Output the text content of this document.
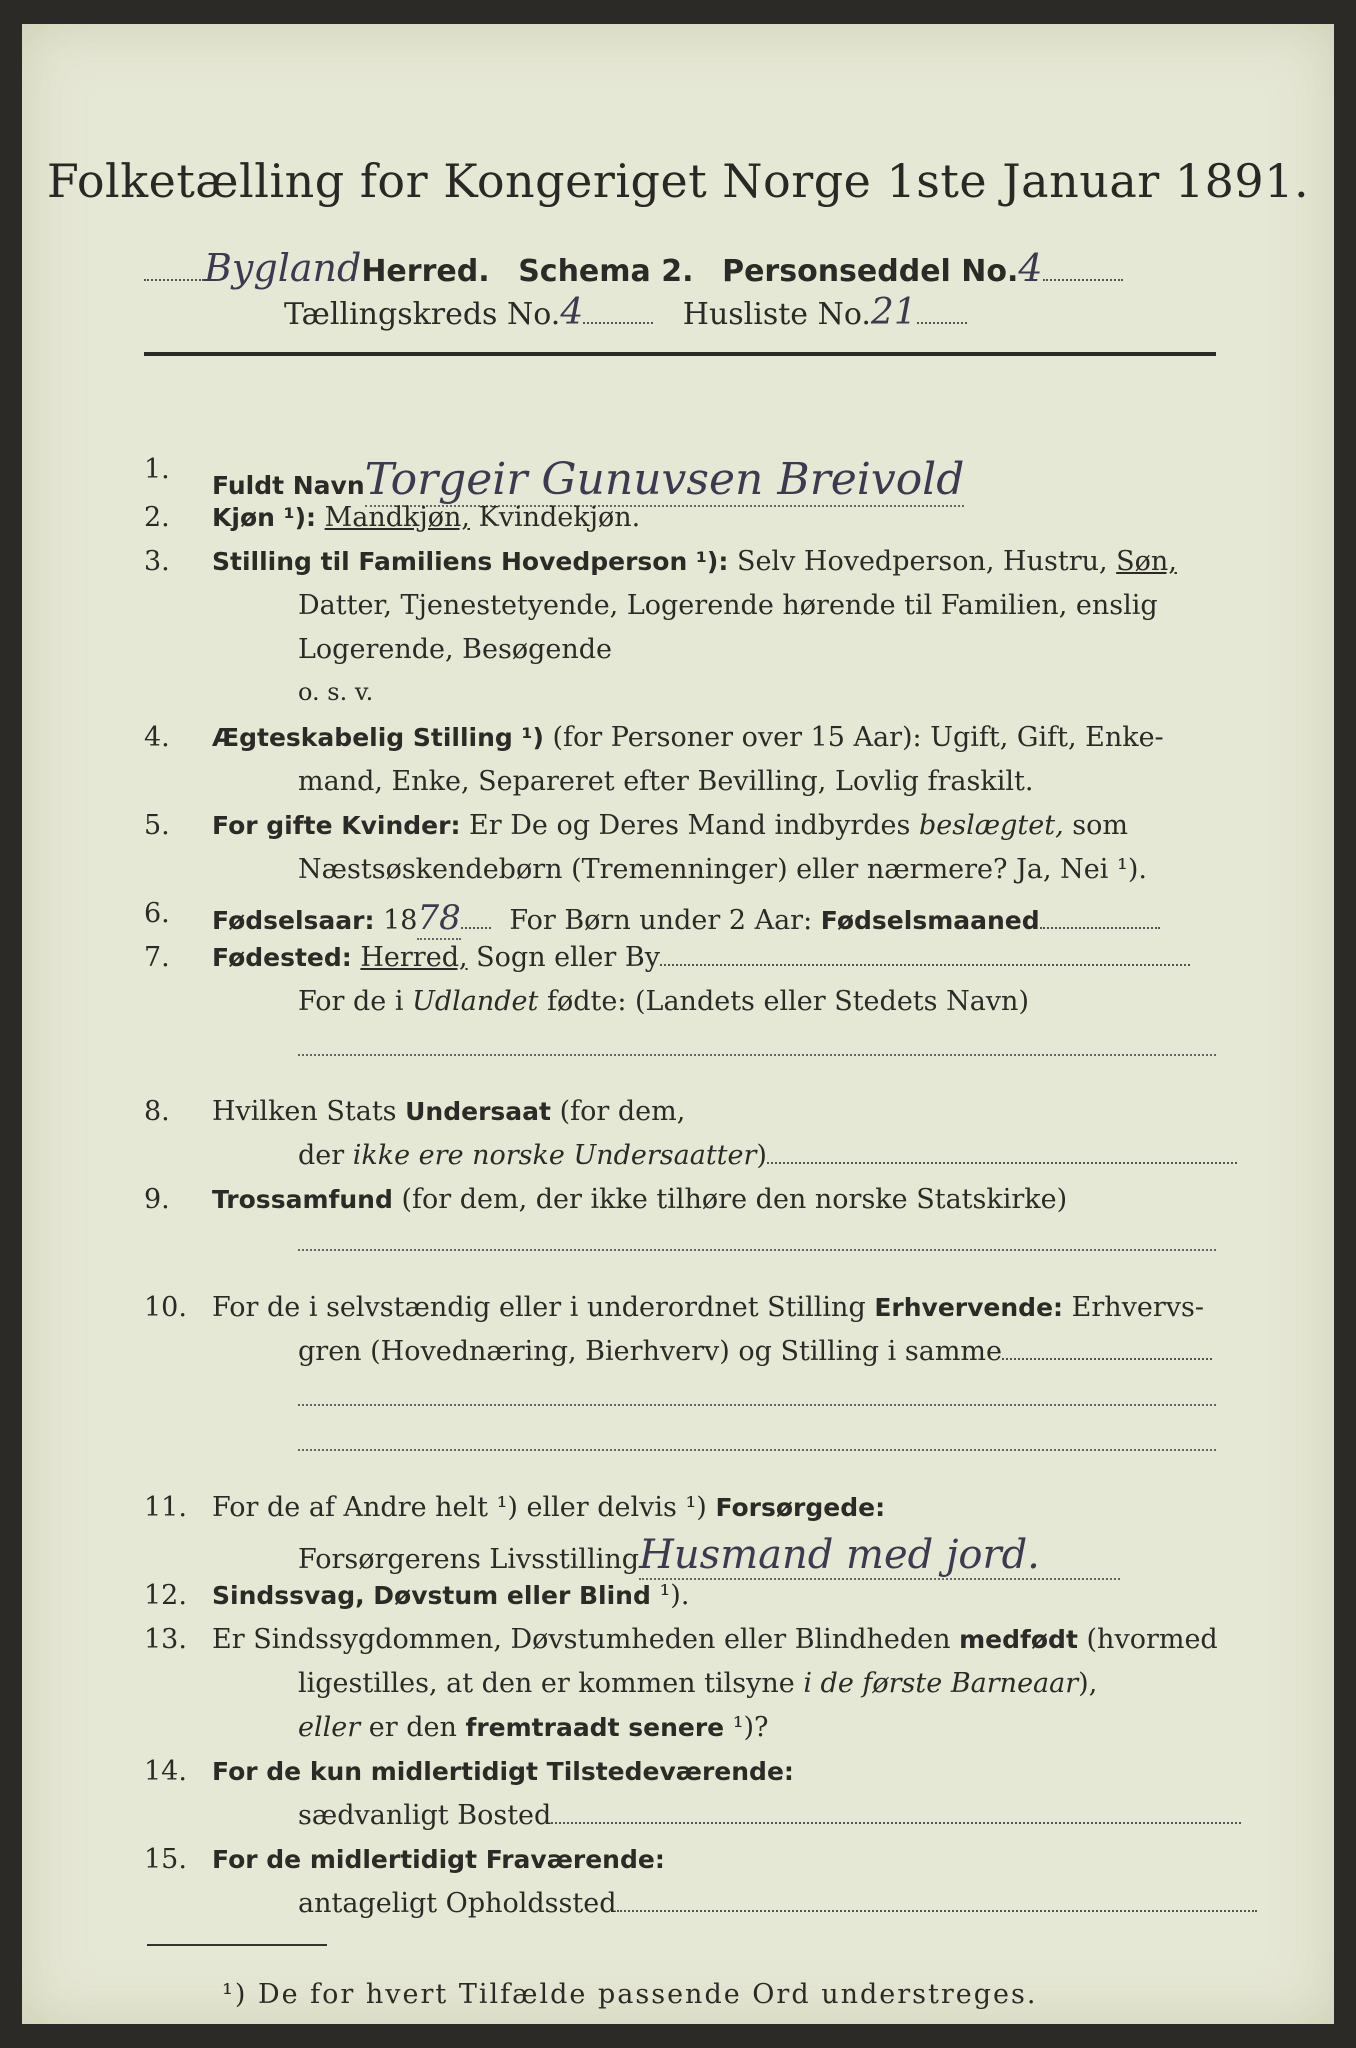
Folketælling for Kongeriget Norge 1ste Januar 1891.
ByglandHerred. Schema 2. Personseddel No.4
Tællingskreds No.4	Husliste No.21
1.
Fuldt NavnTorgeir Gunuvsen Breivold
2.	Kjøn ¹): Mandkjøn, Kvindekjøn.
3.	Stilling til Familiens Hovedperson ¹): Selv Hovedperson, Hustru, Søn,
Datter, Tjenestetyende, Logerende hørende til Familien, enslig
Logerende, Besøgende
o. s. v.
4.	Ægteskabelig Stilling ¹) (for Personer over 15 Aar): Ugift, Gift, Enke-
mand, Enke, Separeret efter Bevilling, Lovlig fraskilt.
5.	For gifte Kvinder: Er De og Deres Mand indbyrdes beslægtet, som
Næstsøskendebørn (Tremenninger) eller nærmere? Ja, Nei ¹).
6.	Fødselsaar: 1878 For Børn under 2 Aar: Fødselsmaaned
7.	Fødested: Herred, Sogn eller By
For de i Udlandet fødte: (Landets eller Stedets Navn)
8.	Hvilken Stats Undersaat (for dem,
der ikke ere norske Undersaatter)
9.	Trossamfund (for dem, der ikke tilhøre den norske Statskirke)
10. For de i selvstændig eller i underordnet Stilling Erhvervende: Erhvervs-
gren (Hovednæring, Bierhverv) og Stilling i samme
11. For de af Andre helt ¹) eller delvis ¹) Forsørgede:
Forsørgerens LivsstillingHusmand med jord.
12.	Sindssvag, Døvstum eller Blind ¹).
13. Er Sindssygdommen, Døvstumheden eller Blindheden medfødt (hvormed
ligestilles, at den er kommen tilsyne i de første Barneaar),
eller er den fremtraadt senere ¹)?
14.	For de kun midlertidigt Tilstedeværende:
sædvanligt Bosted
15.	For de midlertidigt Fraværende:
antageligt Opholdssted
¹) De for hvert Tilfælde passende Ord understreges.
